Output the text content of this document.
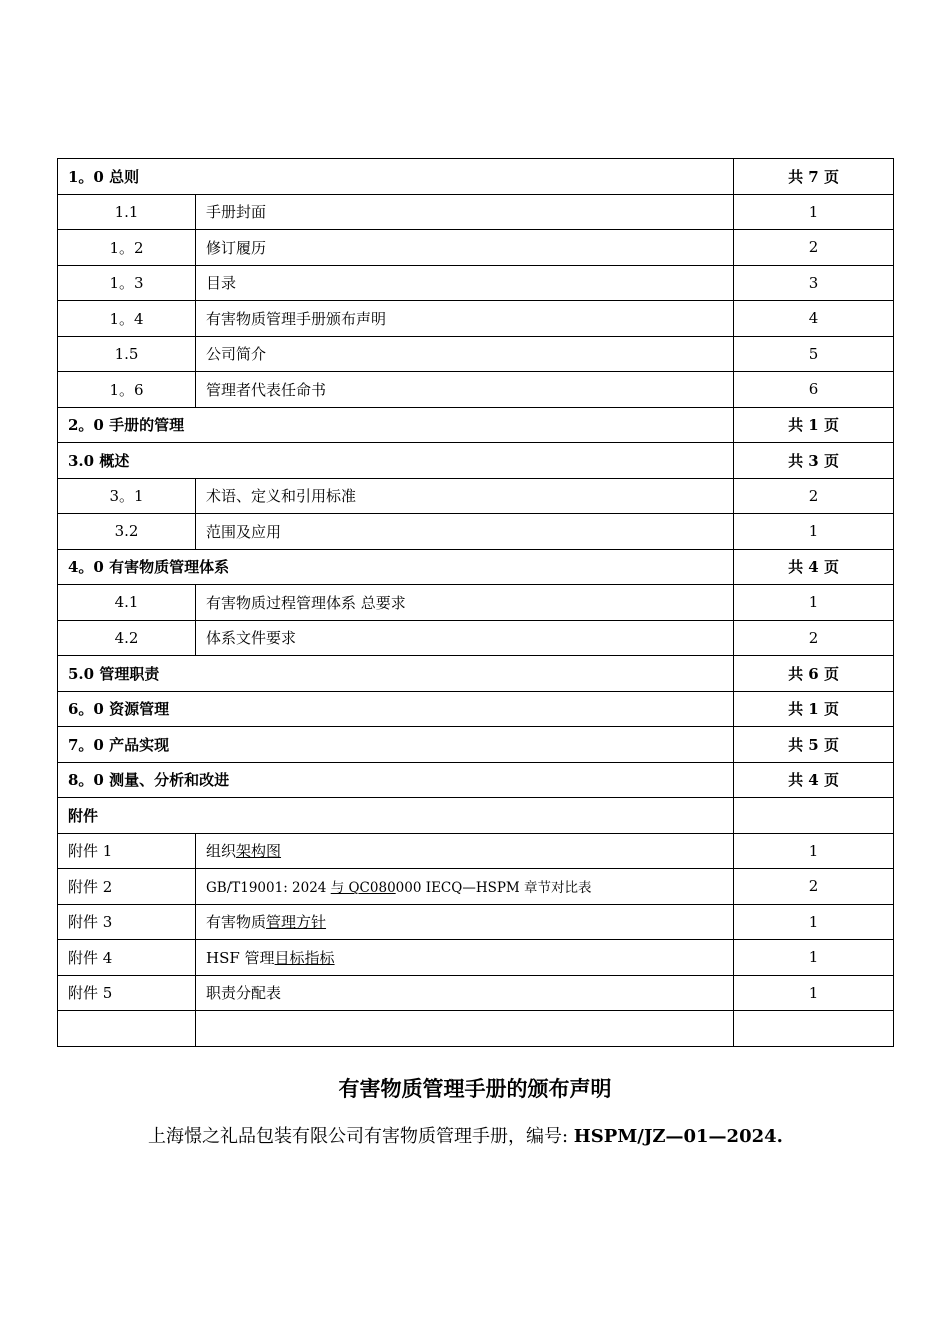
1。0 总则		共 7 页
1.1	手册封面	1
1。2	修订履历	2
1。3	目录	3
1。4	有害物质管理手册颁布声明	4
1.5	公司简介	5
1。6	管理者代表任命书	6
2。0 手册的管理		共 1 页
3.0 概述		共 3 页
3。1	术语、定义和引用标准	2
3.2	范围及应用	1
4。0 有害物质管理体系		共 4 页
4.1	有害物质过程管理体系 总要求	1
4.2	体系文件要求	2
5.0 管理职责		共 6 页
6。0 资源管理		共 1 页
7。0 产品实现		共 5 页
8。0 测量、分析和改进		共 4 页
附件		
附件 1	组织架构图	1
附件 2	GB/T19001: 2024 与 QC080000 IECQ—HSPM 章节对比表	2
附件 3	有害物质管理方针	1
附件 4	HSF 管理目标指标	1
附件 5	职责分配表	1

有害物质管理手册的颁布声明

上海憬之礼品包装有限公司有害物质管理手册，编号: HSPM/JZ—01—2024.
